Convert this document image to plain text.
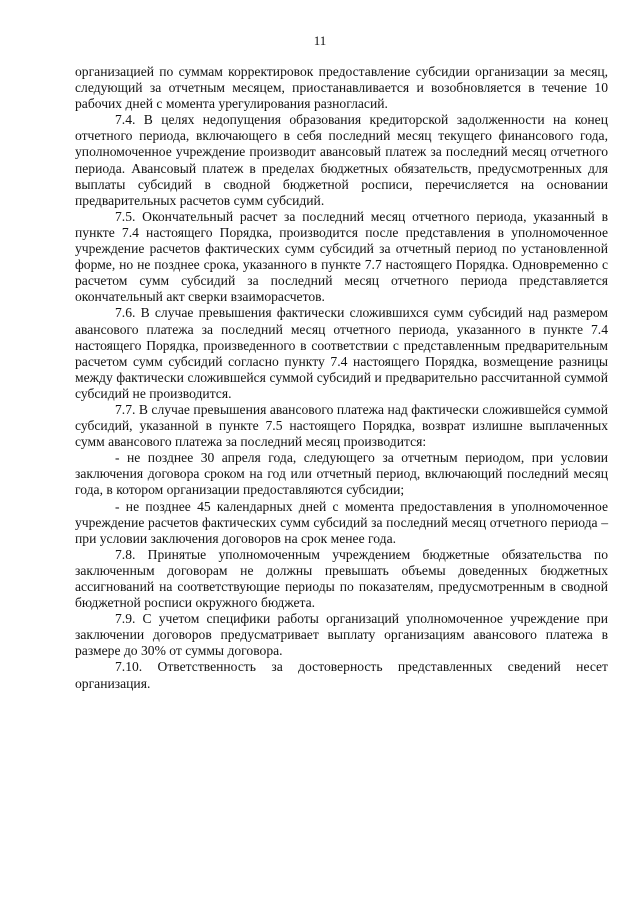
11

организацией по суммам корректировок предоставление субсидии организации за месяц, следующий за отчетным месяцем, приостанавливается и возобновляется в течение 10 рабочих дней с момента урегулирования разногласий.

7.4. В целях недопущения образования кредиторской задолженности на конец отчетного периода, включающего в себя последний месяц текущего финансового года, уполномоченное учреждение производит авансовый платеж за последний месяц отчетного периода. Авансовый платеж в пределах бюджетных обязательств, предусмотренных для выплаты субсидий в сводной бюджетной росписи, перечисляется на основании предварительных расчетов сумм субсидий.

7.5. Окончательный расчет за последний месяц отчетного периода, указанный в пункте 7.4 настоящего Порядка, производится после представления в уполномоченное учреждение расчетов фактических сумм субсидий за отчетный период по установленной форме, но не позднее срока, указанного в пункте 7.7 настоящего Порядка. Одновременно с расчетом сумм субсидий за последний месяц отчетного периода представляется окончательный акт сверки взаиморасчетов.

7.6. В случае превышения фактически сложившихся сумм субсидий над размером авансового платежа за последний месяц отчетного периода, указанного в пункте 7.4 настоящего Порядка, произведенного в соответствии с представленным предварительным расчетом сумм субсидий согласно пункту 7.4 настоящего Порядка, возмещение разницы между фактически сложившейся суммой субсидий и предварительно рассчитанной суммой субсидий не производится.

7.7. В случае превышения авансового платежа над фактически сложившейся суммой субсидий, указанной в пункте 7.5 настоящего Порядка, возврат излишне выплаченных сумм авансового платежа за последний месяц производится:

- не позднее 30 апреля года, следующего за отчетным периодом, при условии заключения договора сроком на год или отчетный период, включающий последний месяц года, в котором организации предоставляются субсидии;

- не позднее 45 календарных дней с момента предоставления в уполномоченное учреждение расчетов фактических сумм субсидий за последний месяц отчетного периода – при условии заключения договоров на срок менее года.

7.8. Принятые уполномоченным учреждением бюджетные обязательства по заключенным договорам не должны превышать объемы доведенных бюджетных ассигнований на соответствующие периоды по показателям, предусмотренным в сводной бюджетной росписи окружного бюджета.

7.9. С учетом специфики работы организаций уполномоченное учреждение при заключении договоров предусматривает выплату организациям авансового платежа в размере до 30% от суммы договора.

7.10. Ответственность за достоверность представленных сведений несет организация.
